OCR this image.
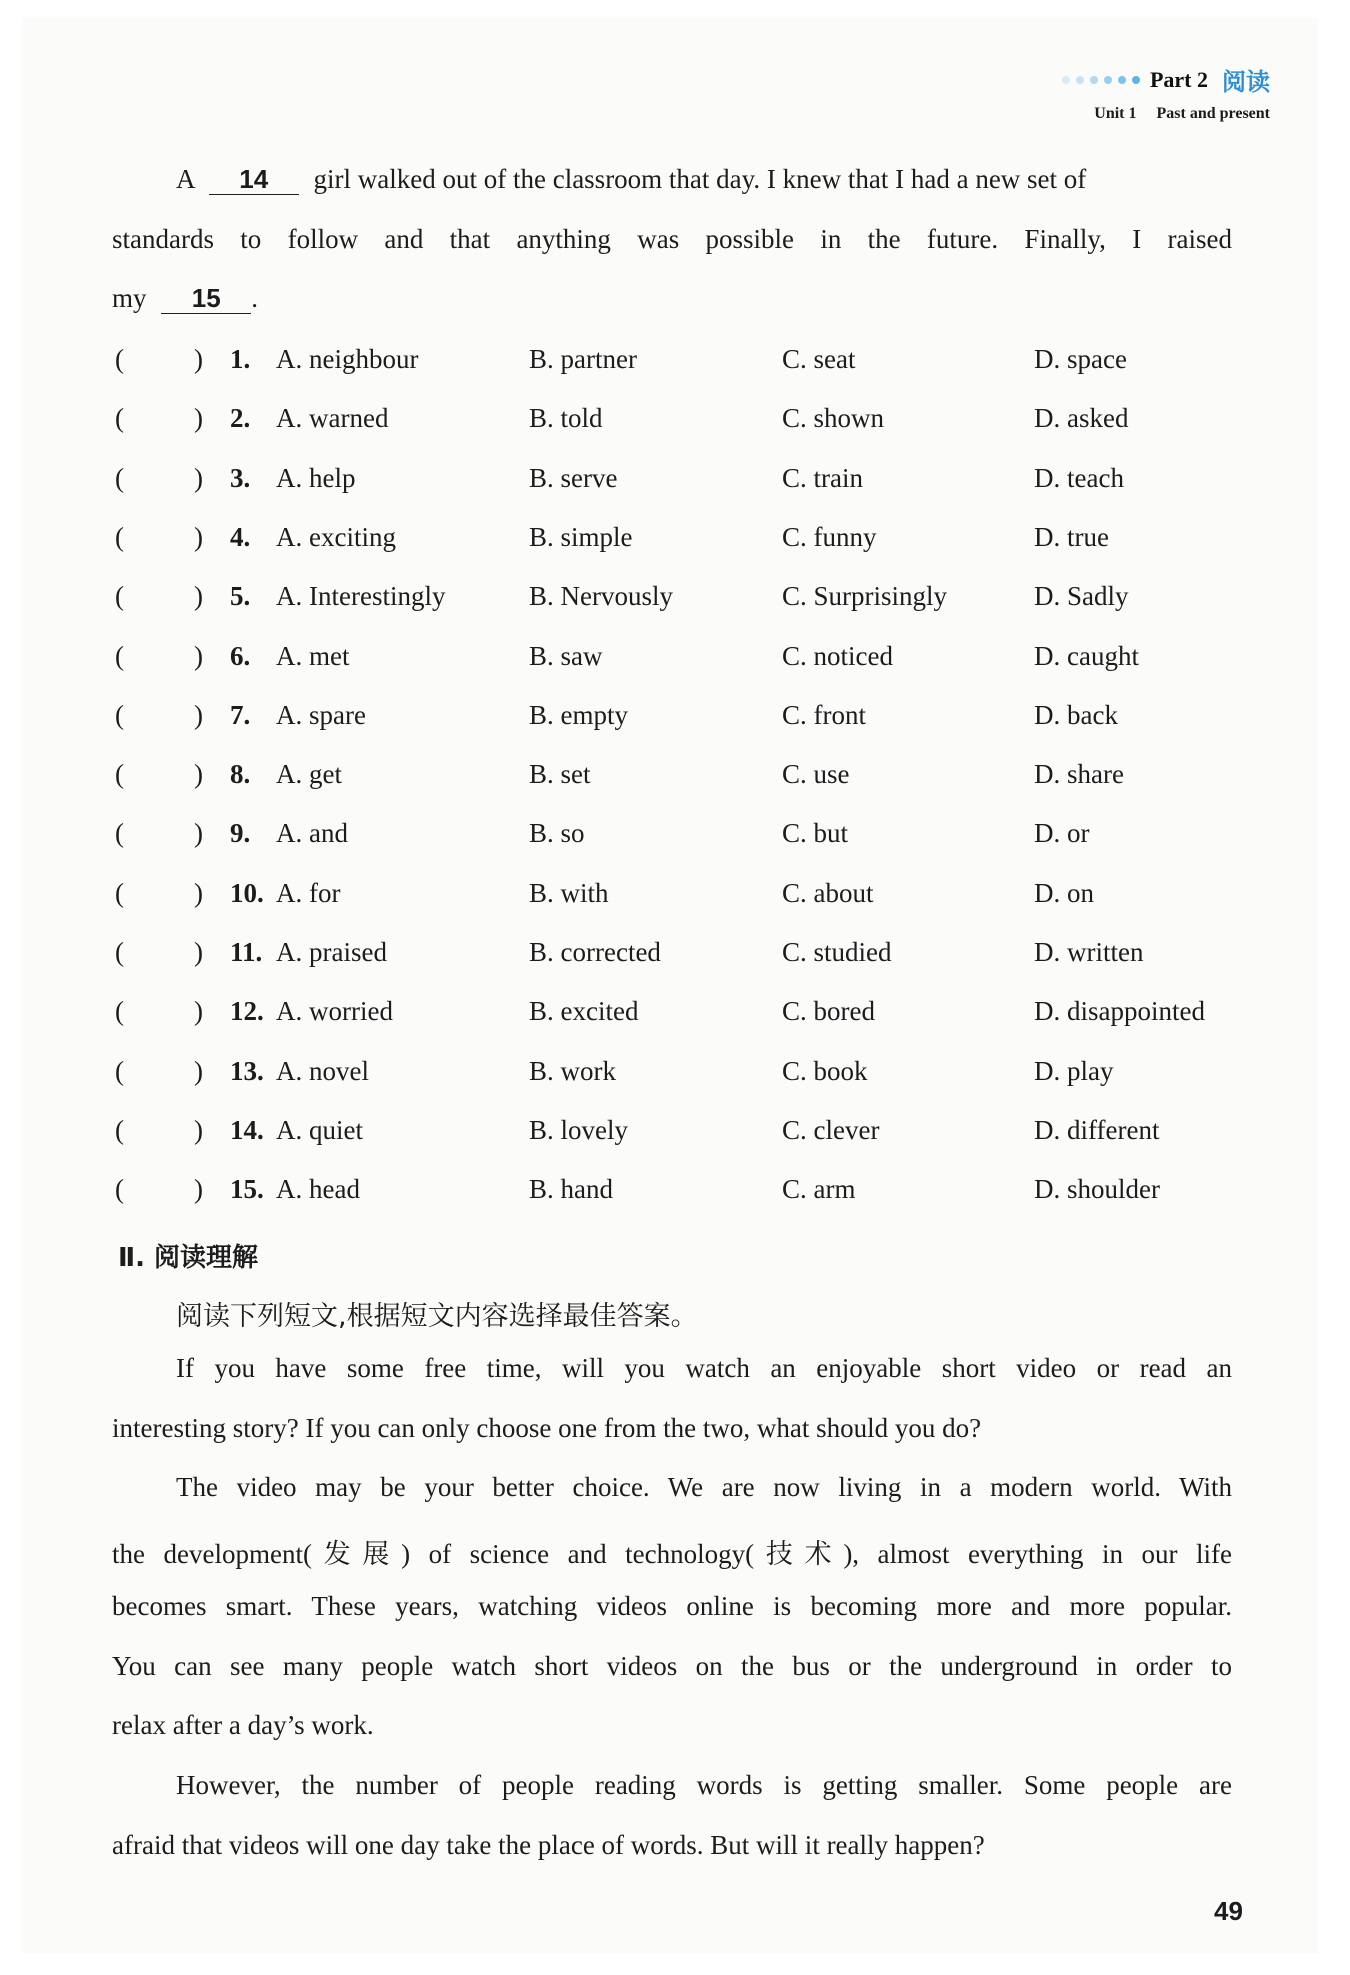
Part 2 阅读
Unit 1 Past and present
A 14 girl walked out of the classroom that day. I knew that I had a new set of
standards to follow and that anything was possible in the future. Finally, I raised
my 15 .
(	) 1. A. neighbour	B. partner	C. seat	D. space
(	) 2. A. warned	B. told	C. shown	D. asked
(	) 3. A. help	B. serve	C. train	D. teach
(	) 4. A. exciting	B. simple	C. funny	D. true
(	) 5. A. Interestingly	B. Nervously	C. Surprisingly	D. Sadly
(	) 6. A. met	B. saw	C. noticed	D. caught
(	) 7. A. spare	B. empty	C. front	D. back
(	) 8. A. get	B. set	C. use	D. share
(	) 9. A. and	B. so	C. but	D. or
(	) 10. A. for	B. with	C. about	D. on
(	) 11. A. praised	B. corrected	C. studied	D. written
(	) 12. A. worried	B. excited	C. bored	D. disappointed
(	) 13. A. novel	B. work	C. book	D. play
(	) 14. A. quiet	B. lovely	C. clever	D. different
(	) 15. A. head	B. hand	C. arm	D. shoulder
Ⅱ. 阅读理解
阅读下列短文,根据短文内容选择最佳答案。
If you have some free time, will you watch an enjoyable short video or read an
interesting story? If you can only choose one from the two, what should you do?
The video may be your better choice. We are now living in a modern world. With
the development(发展) of science and technology(技术), almost everything in our life
becomes smart. These years, watching videos online is becoming more and more popular.
You can see many people watch short videos on the bus or the underground in order to
relax after a day’s work.
However, the number of people reading words is getting smaller. Some people are
afraid that videos will one day take the place of words. But will it really happen?
49
